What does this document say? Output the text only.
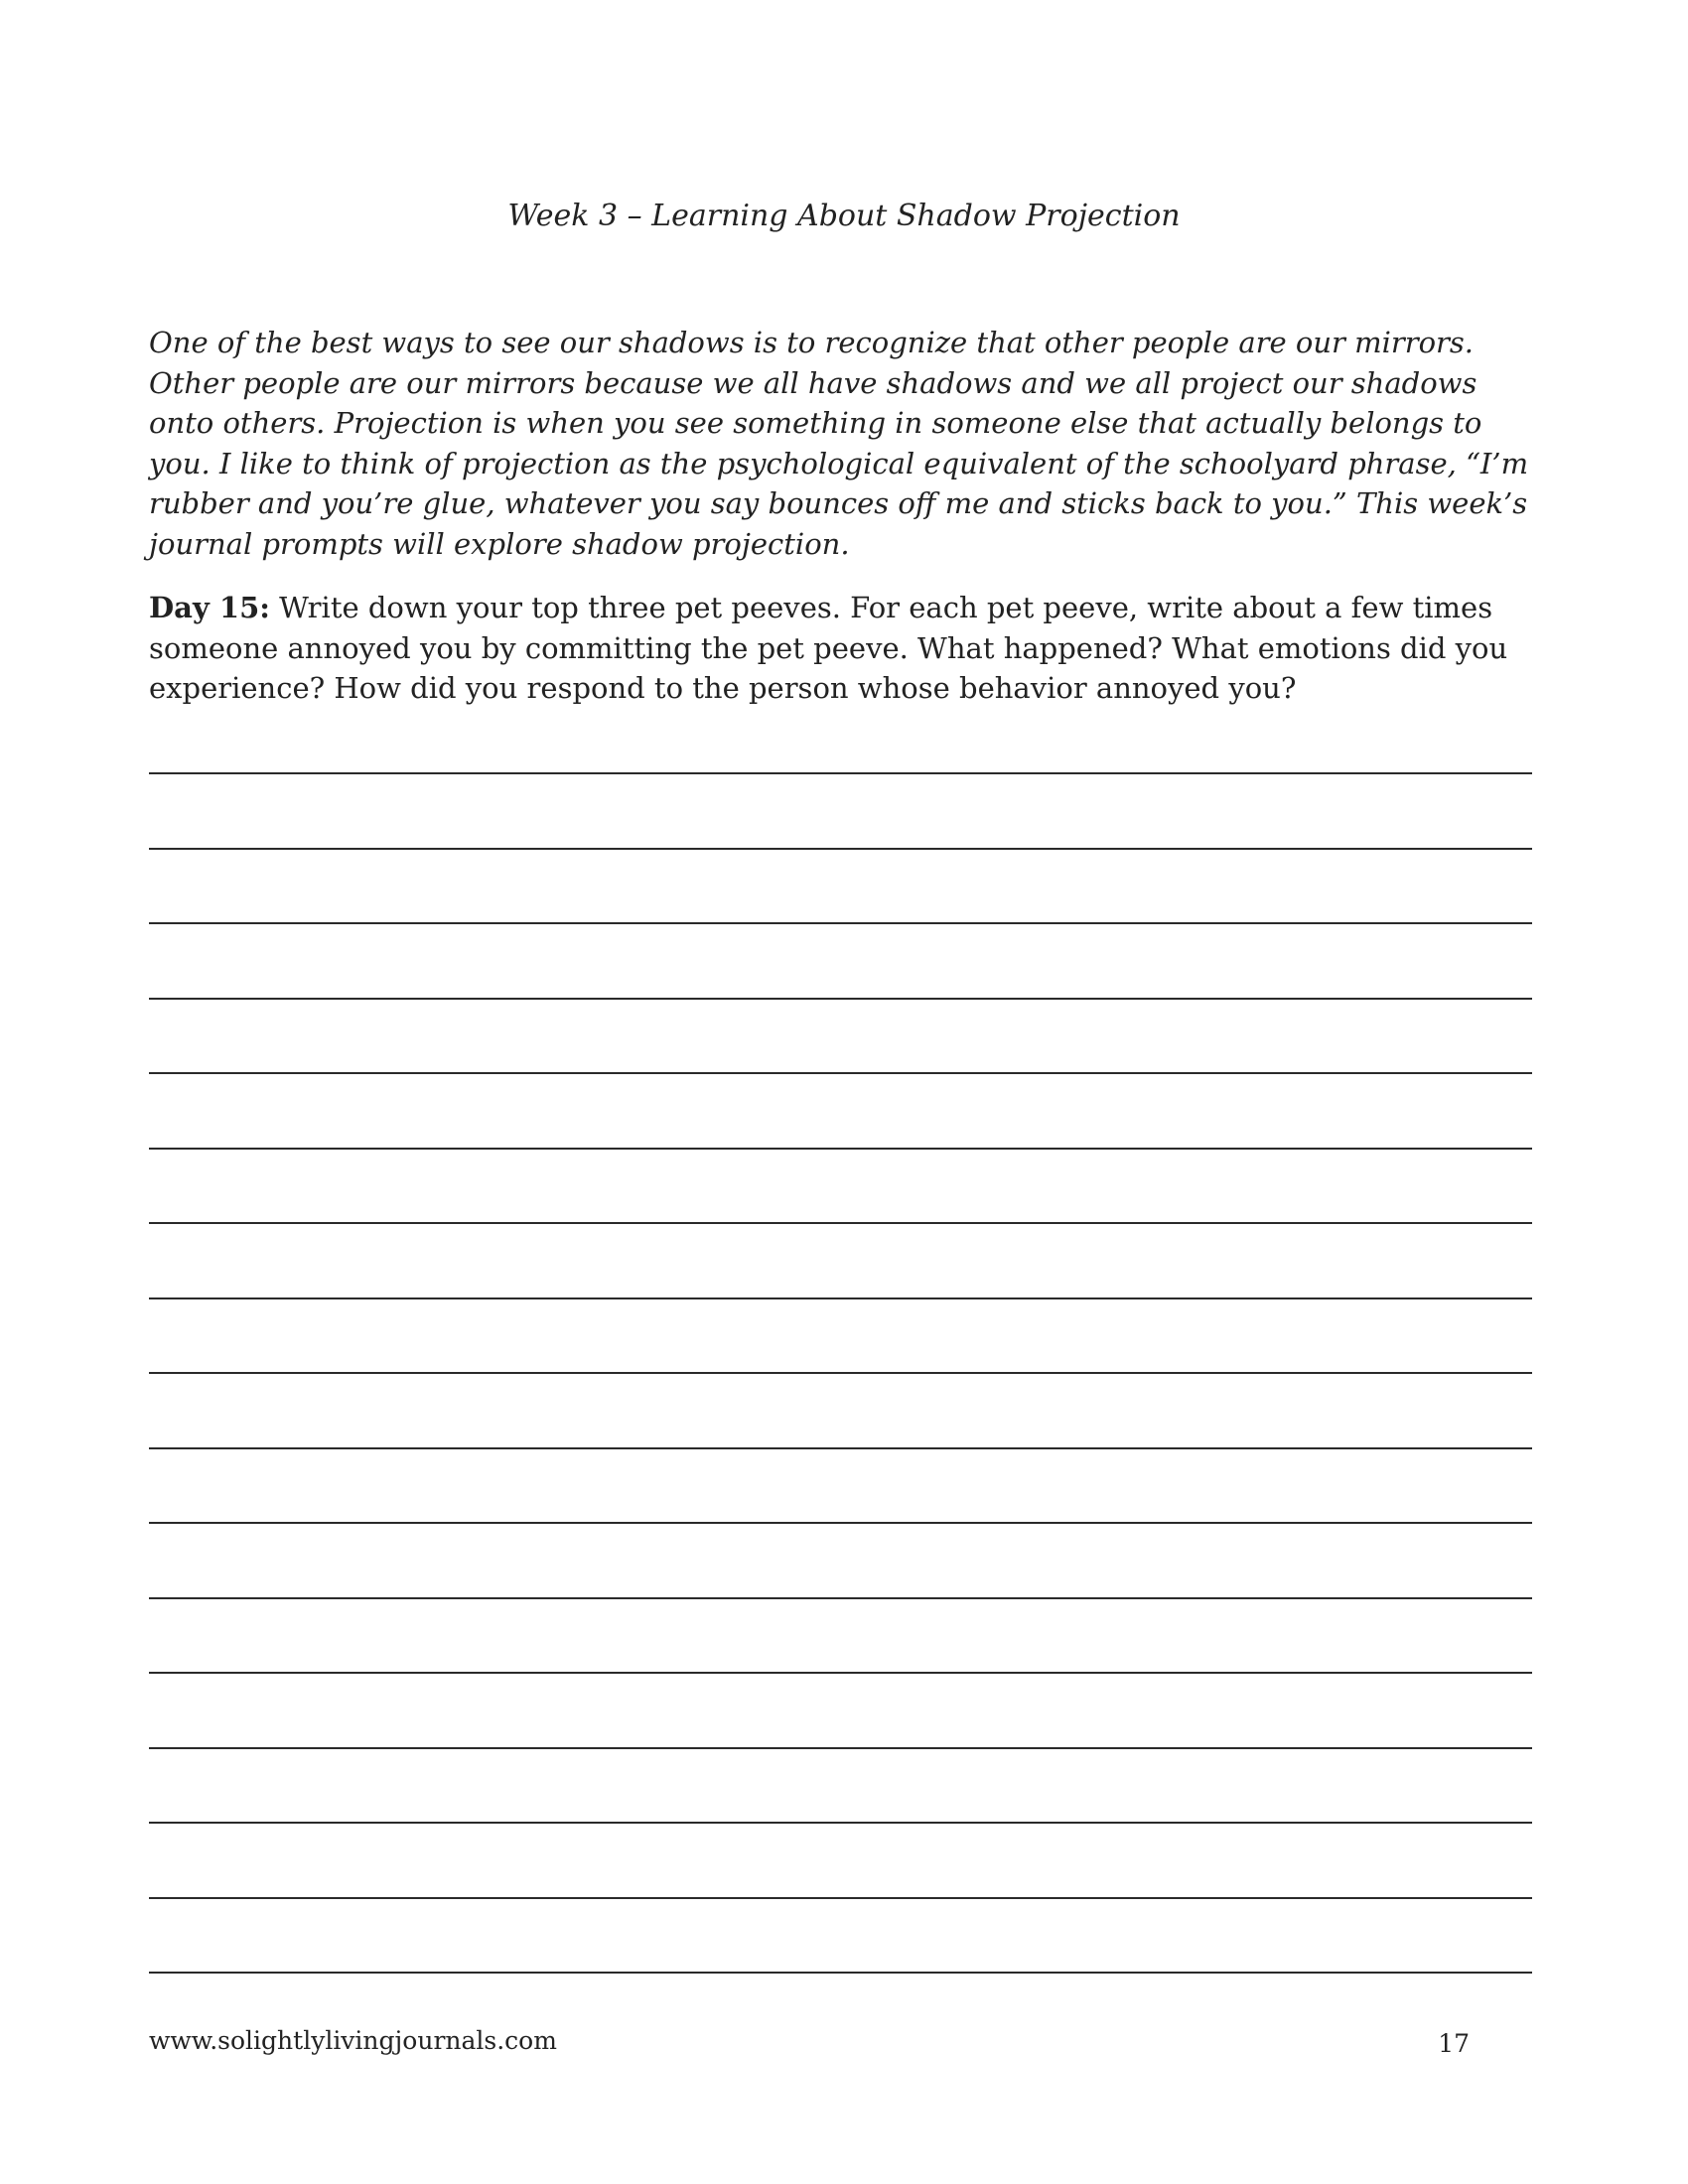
Week 3 – Learning About Shadow Projection

One of the best ways to see our shadows is to recognize that other people are our mirrors. Other people are our mirrors because we all have shadows and we all project our shadows onto others. Projection is when you see something in someone else that actually belongs to you. I like to think of projection as the psychological equivalent of the schoolyard phrase, “I’m rubber and you’re glue, whatever you say bounces off me and sticks back to you.” This week’s journal prompts will explore shadow projection.

Day 15: Write down your top three pet peeves. For each pet peeve, write about a few times someone annoyed you by committing the pet peeve. What happened? What emotions did you experience? How did you respond to the person whose behavior annoyed you?

www.solightlylivingjournals.com	17
